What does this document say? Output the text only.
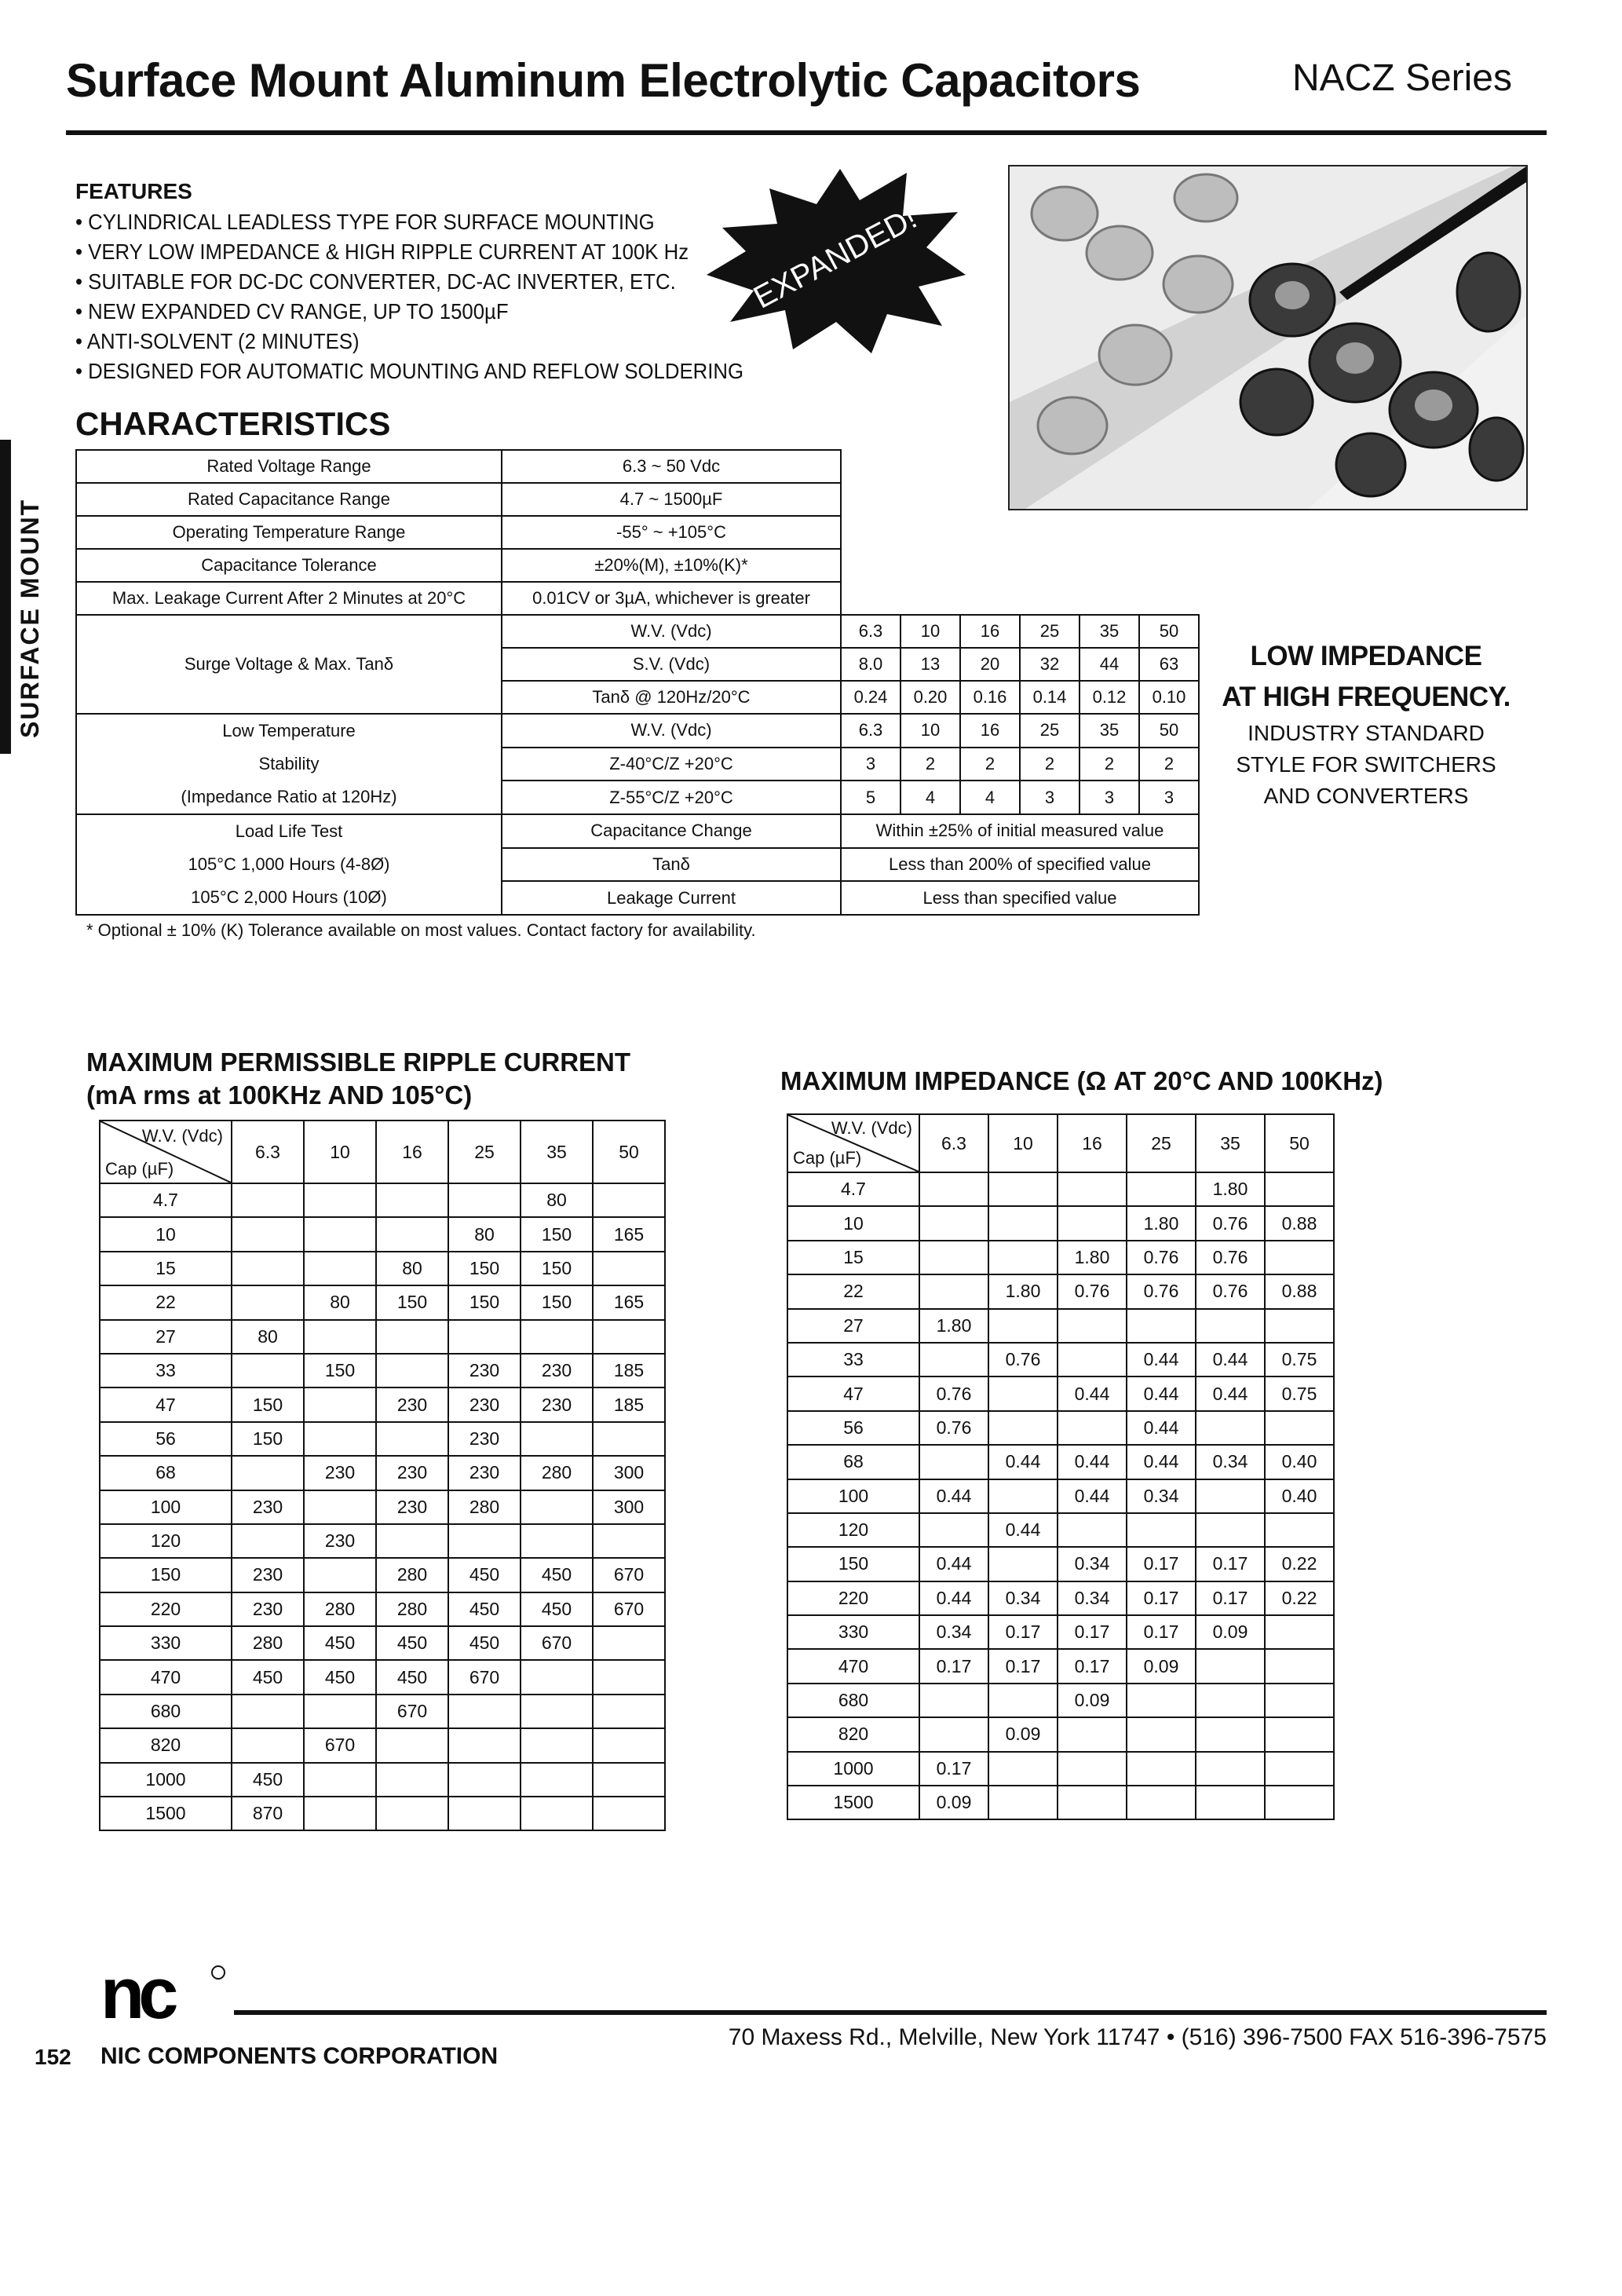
Surface Mount Aluminum Electrolytic Capacitors	NACZ Series
SURFACE MOUNT
FEATURES
• CYLINDRICAL LEADLESS TYPE FOR SURFACE MOUNTING
• VERY LOW IMPEDANCE & HIGH RIPPLE CURRENT AT 100K Hz
• SUITABLE FOR DC-DC CONVERTER, DC-AC INVERTER, ETC.
• NEW EXPANDED CV RANGE, UP TO 1500µF
• ANTI-SOLVENT (2 MINUTES)
• DESIGNED FOR AUTOMATIC MOUNTING AND REFLOW SOLDERING
EXPANDED!
CHARACTERISTICS
Rated Voltage Range	6.3 ~ 50 Vdc						
Rated Capacitance Range	4.7 ~ 1500µF						
Operating Temperature Range	-55° ~ +105°C						
Capacitance Tolerance	±20%(M), ±10%(K)*						
Max. Leakage Current After 2 Minutes at 20°C	0.01CV or 3µA, whichever is greater						
Surge Voltage & Max. Tanδ	W.V. (Vdc)	6.3	10	16	25	35	50
	S.V. (Vdc)	8.0	13	20	32	44	63
	Tanδ @ 120Hz/20°C	0.24	0.20	0.16	0.14	0.12	0.10

Low Temperature
Stability
(Impedance Ratio at 120Hz)	W.V. (Vdc)	6.3	10	16	25	35	50
	Z-40°C/Z +20°C	3	2	2	2	2	2
	Z-55°C/Z +20°C	5	4	4	3	3	3

Load Life Test
105°C 1,000 Hours (4-8Ø)
105°C 2,000 Hours (10Ø)	Capacitance Change	Within ±25% of initial measured value					
	Tanδ	Less than 200% of specified value					
	Leakage Current	Less than specified value					
LOW IMPEDANCE
AT HIGH FREQUENCY.
INDUSTRY STANDARD
STYLE FOR SWITCHERS
AND CONVERTERS
* Optional ± 10% (K) Tolerance available on most values. Contact factory for availability.
MAXIMUM PERMISSIBLE RIPPLE CURRENT
(mA rms at 100KHz AND 105°C)	MAXIMUM IMPEDANCE (Ω AT 20°C AND 100KHz)
W.V. (Vdc)
Cap (µF)	6.3	10	16	25	35	50
4.7					80	
10				80	150	165
15			80	150	150	
22		80	150	150	150	165
27	80					
33		150		230	230	185
47	150		230	230	230	185
56	150			230		
68		230	230	230	280	300
100	230		230	280		300
120		230				
150	230		280	450	450	670
220	230	280	280	450	450	670
330	280	450	450	450	670	
470	450	450	450	670		
680			670			
820		670				
1000	450					
1500	870					
W.V. (Vdc)
Cap (µF)	6.3	10	16	25	35	50
4.7					1.80	
10				1.80	0.76	0.88
15			1.80	0.76	0.76	
22		1.80	0.76	0.76	0.76	0.88
27	1.80					
33		0.76		0.44	0.44	0.75
47	0.76		0.44	0.44	0.44	0.75
56	0.76			0.44		
68		0.44	0.44	0.44	0.34	0.40
100	0.44		0.44	0.34		0.40
120		0.44				
150	0.44		0.34	0.17	0.17	0.22
220	0.44	0.34	0.34	0.17	0.17	0.22
330	0.34	0.17	0.17	0.17	0.09	
470	0.17	0.17	0.17	0.09		
680			0.09			
820		0.09				
1000	0.17					
1500	0.09					
nc
152 NIC COMPONENTS CORPORATION
70 Maxess Rd., Melville, New York 11747 • (516) 396-7500 FAX 516-396-7575
